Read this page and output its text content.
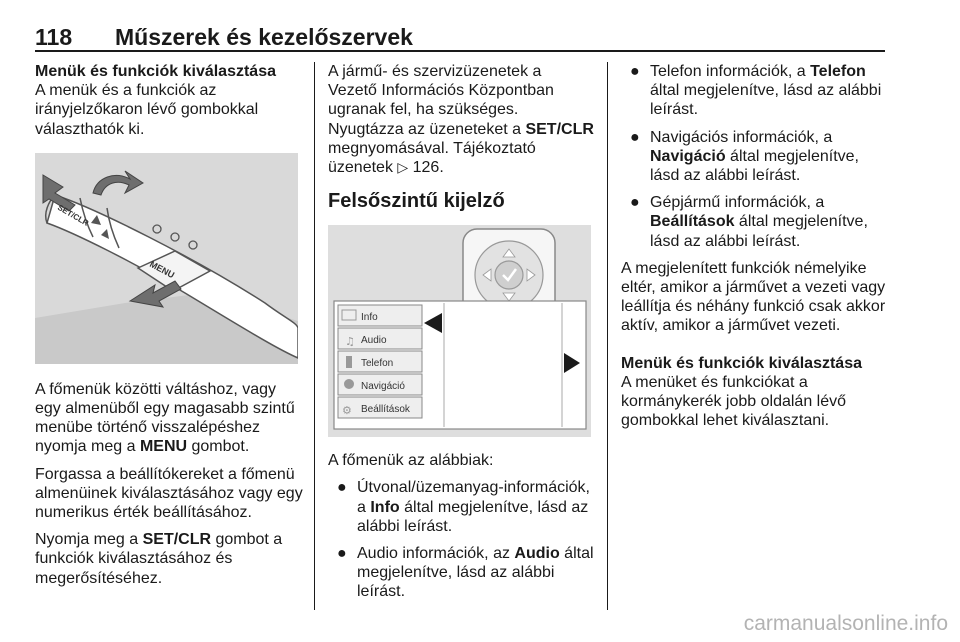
118 Műszerek és kezelőszervek
Menük és funkciók kiválasztása

A menük és a funkciók az irányjelzőkaron lévő gombokkal választhatók ki.

SET/CLR
MENU

A főmenük közötti váltáshoz, vagy egy almenüből egy magasabb szintű menübe történő visszalépéshez nyomja meg a MENU gombot.

Forgassa a beállítókereket a főmenü almenüinek kiválasztásához vagy egy numerikus érték beállításához.

Nyomja meg a SET/CLR gombot a funkciók kiválasztásához és megerősítéséhez.

A jármű- és szervizüzenetek a Vezető Információs Központban ugranak fel, ha szükséges. Nyugtázza az üzeneteket a SET/CLR megnyomásával. Tájékoztató üzenetek ▷ 126.

Felsőszintű kijelző
♫
⚙
Info
Audio
Telefon
Navigáció
Beállítások

A főmenük az alábbiak:

● Útvonal/üzemanyag-információk, a Info által megjelenítve, lásd az alábbi leírást.
● Audio információk, az Audio által megjelenítve, lásd az alábbi leírást.
● Telefon információk, a Telefon által megjelenítve, lásd az alábbi leírást.
● Navigációs információk, a Navigáció által megjelenítve, lásd az alábbi leírást.
● Gépjármű információk, a Beállítások által megjelenítve, lásd az alábbi leírást.

A megjelenített funkciók némelyike eltér, amikor a járművet a vezeti vagy leállítja és néhány funkció csak akkor aktív, amikor a járművet vezeti.

Menük és funkciók kiválasztása

A menüket és funkciókat a kormánykerék jobb oldalán lévő gombokkal lehet kiválasztani.

carmanualsonline.info
